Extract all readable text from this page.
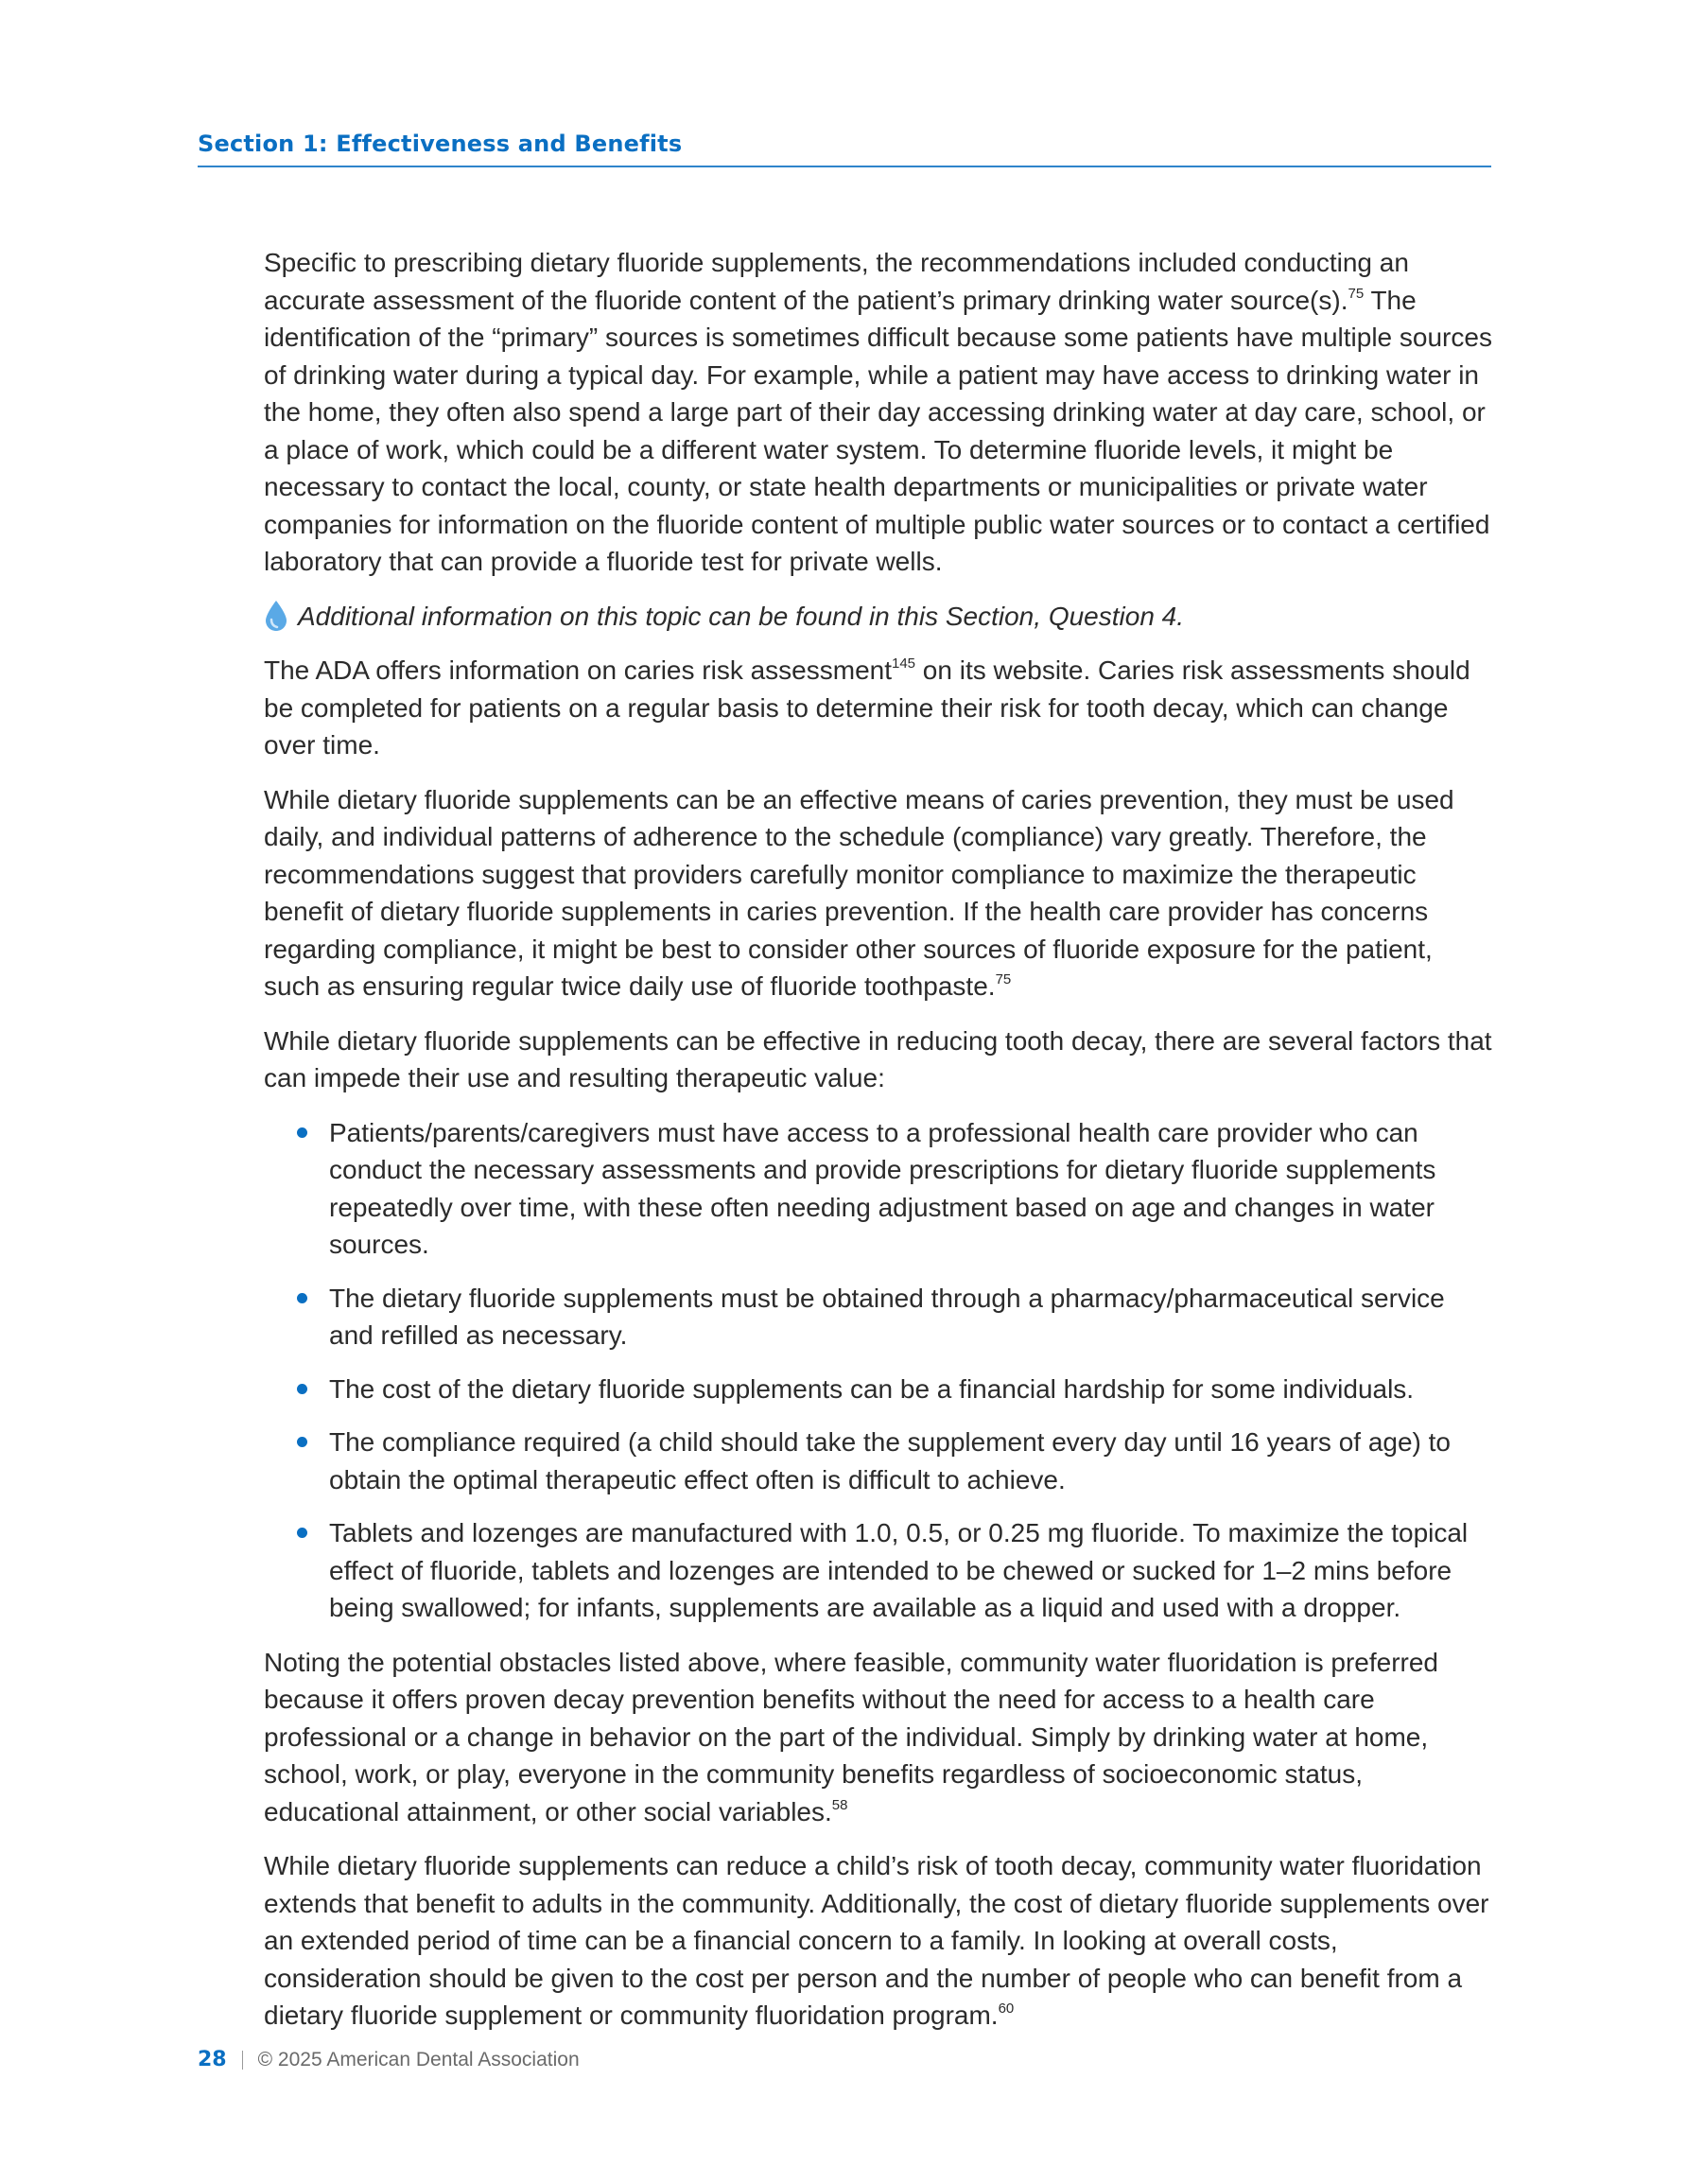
Section 1: Effectiveness and Benefits

Specific to prescribing dietary fluoride supplements, the recommendations included conducting an accurate assessment of the fluoride content of the patient’s primary drinking water source(s).$^{75}$ The identification of the “primary” sources is sometimes difficult because some patients have multiple sources of drinking water during a typical day. For example, while a patient may have access to drinking water in the home, they often also spend a large part of their day accessing drinking water at day care, school, or a place of work, which could be a different water system. To determine fluoride levels, it might be necessary to contact the local, county, or state health departments or municipalities or private water companies for information on the fluoride content of multiple public water sources or to contact a certified laboratory that can provide a fluoride test for private wells.

Additional information on this topic can be found in this Section, Question 4.

The ADA offers information on caries risk assessment$^{145}$ on its website. Caries risk assessments should be completed for patients on a regular basis to determine their risk for tooth decay, which can change over time.

While dietary fluoride supplements can be an effective means of caries prevention, they must be used daily, and individual patterns of adherence to the schedule (compliance) vary greatly. Therefore, the recommendations suggest that providers carefully monitor compliance to maximize the therapeutic benefit of dietary fluoride supplements in caries prevention. If the health care provider has concerns regarding compliance, it might be best to consider other sources of fluoride exposure for the patient, such as ensuring regular twice daily use of fluoride toothpaste.$^{75}$

While dietary fluoride supplements can be effective in reducing tooth decay, there are several factors that can impede their use and resulting therapeutic value:

Patients/parents/caregivers must have access to a professional health care provider who can conduct the necessary assessments and provide prescriptions for dietary fluoride supplements repeatedly over time, with these often needing adjustment based on age and changes in water sources.
The dietary fluoride supplements must be obtained through a pharmacy/pharmaceutical service and refilled as necessary.
The cost of the dietary fluoride supplements can be a financial hardship for some individuals.
The compliance required (a child should take the supplement every day until 16 years of age) to obtain the optimal therapeutic effect often is difficult to achieve.
Tablets and lozenges are manufactured with 1.0, 0.5, or 0.25 mg fluoride. To maximize the topical effect of fluoride, tablets and lozenges are intended to be chewed or sucked for 1–2 mins before being swallowed; for infants, supplements are available as a liquid and used with a dropper.

Noting the potential obstacles listed above, where feasible, community water fluoridation is preferred because it offers proven decay prevention benefits without the need for access to a health care professional or a change in behavior on the part of the individual. Simply by drinking water at home, school, work, or play, everyone in the community benefits regardless of socioeconomic status, educational attainment, or other social variables.$^{58}$

While dietary fluoride supplements can reduce a child’s risk of tooth decay, community water fluoridation extends that benefit to adults in the community. Additionally, the cost of dietary fluoride supplements over an extended period of time can be a financial concern to a family. In looking at overall costs, consideration should be given to the cost per person and the number of people who can benefit from a dietary fluoride supplement or community fluoridation program.$^{60}$

28 © 2025 American Dental Association
